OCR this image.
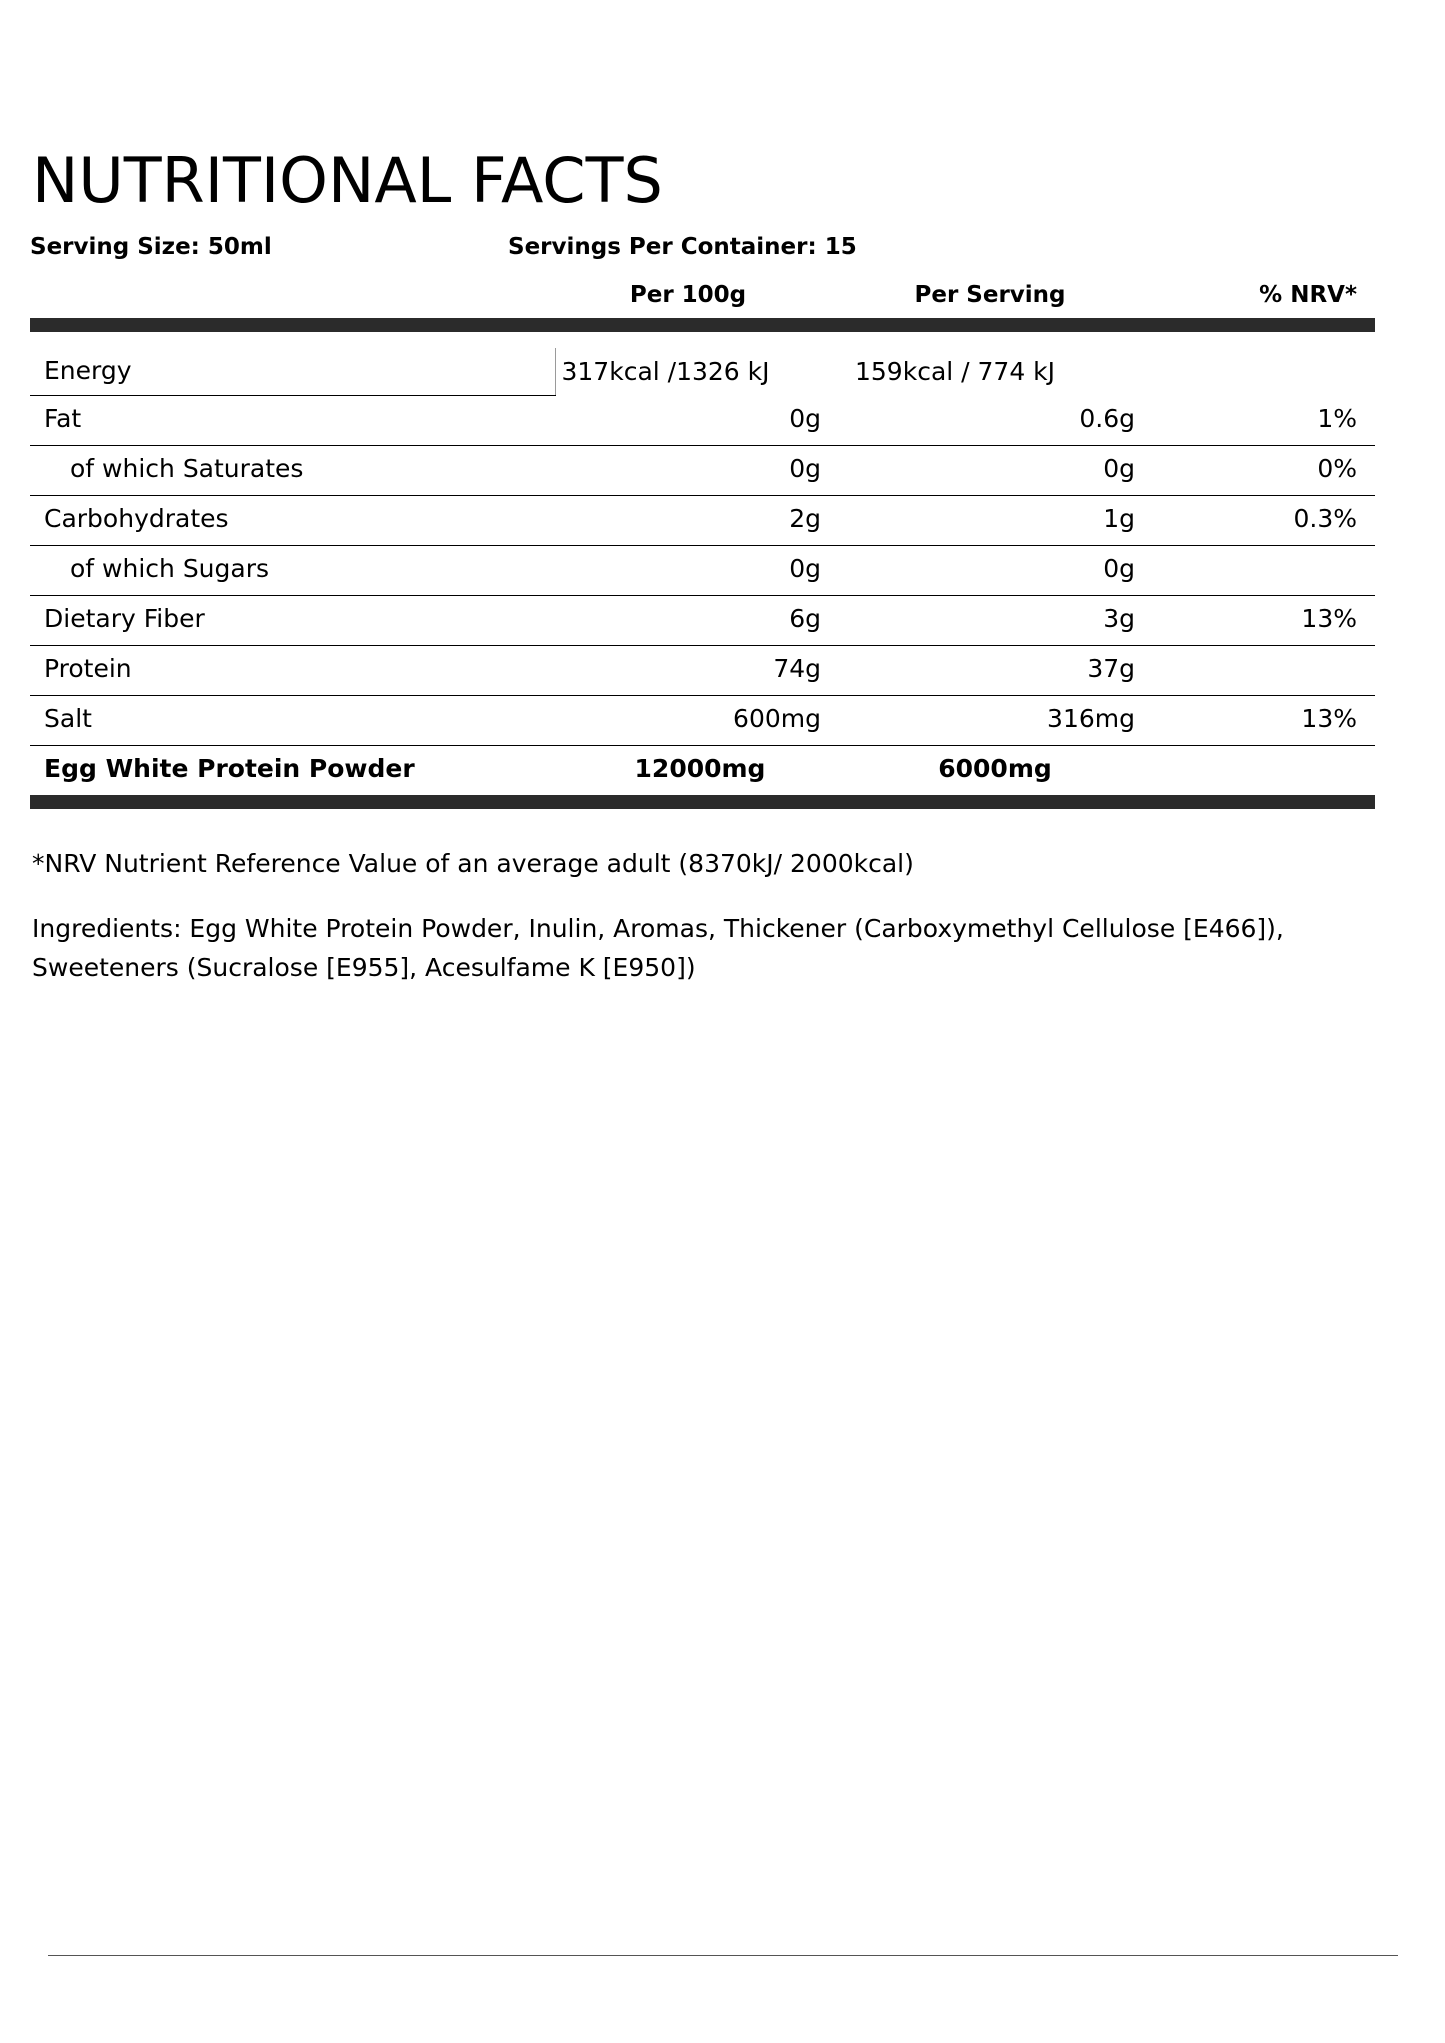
NUTRITIONAL FACTS
Serving Size: 50ml	Servings Per Container: 15
	Per 100g	Per Serving	% NRV*

Energy	317kcal /1326 kJ	159kcal / 774 kJ	
Fat	0g	0.6g	1%
of which Saturates	0g	0g	0%
Carbohydrates	2g	1g	0.3%
of which Sugars	0g	0g	
Dietary Fiber	6g	3g	13%
Protein	74g	37g	
Salt	600mg	316mg	13%
Egg White Protein Powder	12000mg	6000mg	

*NRV Nutrient Reference Value of an average adult (8370kJ/ 2000kcal)

Ingredients: Egg White Protein Powder, Inulin, Aromas, Thickener (Carboxymethyl Cellulose [E466]), Sweeteners (Sucralose [E955], Acesulfame K [E950])
